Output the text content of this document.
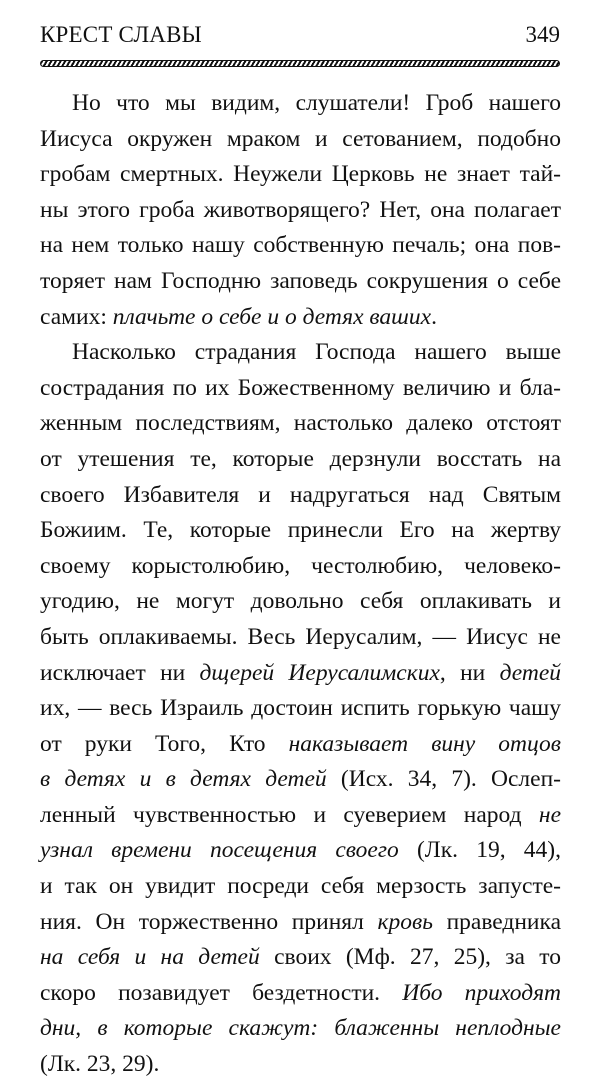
КРЕСТ СЛАВЫ	349
Но что мы видим, слушатели! Гроб нашего
Иисуса окружен мраком и сетованием, подобно
гробам смертных. Неужели Церковь не знает тай-
ны этого гроба животворящего? Нет, она полагает
на нем только нашу собственную печаль; она пов-
торяет нам Господню заповедь сокрушения о себе
самих: плачьте о себе и о детях ваших.
Насколько страдания Господа нашего выше
сострадания по их Божественному величию и бла-
женным последствиям, настолько далеко отстоят
от утешения те, которые дерзнули восстать на
своего Избавителя и надругаться над Святым
Божиим. Те, которые принесли Его на жертву
своему корыстолюбию, честолюбию, человеко-
угодию, не могут довольно себя оплакивать и
быть оплакиваемы. Весь Иерусалим, — Иисус не
исключает ни дщерей Иерусалимских, ни детей
их, — весь Израиль достоин испить горькую чашу
от руки Того, Кто наказывает вину отцов
в детях и в детях детей (Исх. 34, 7). Ослеп-
ленный чувственностью и суеверием народ не
узнал времени посещения своего (Лк. 19, 44),
и так он увидит посреди себя мерзость запусте-
ния. Он торжественно принял кровь праведника
на себя и на детей своих (Мф. 27, 25), за то
скоро позавидует бездетности. Ибо приходят
дни, в которые скажут: блаженны неплодные
(Лк. 23, 29).
